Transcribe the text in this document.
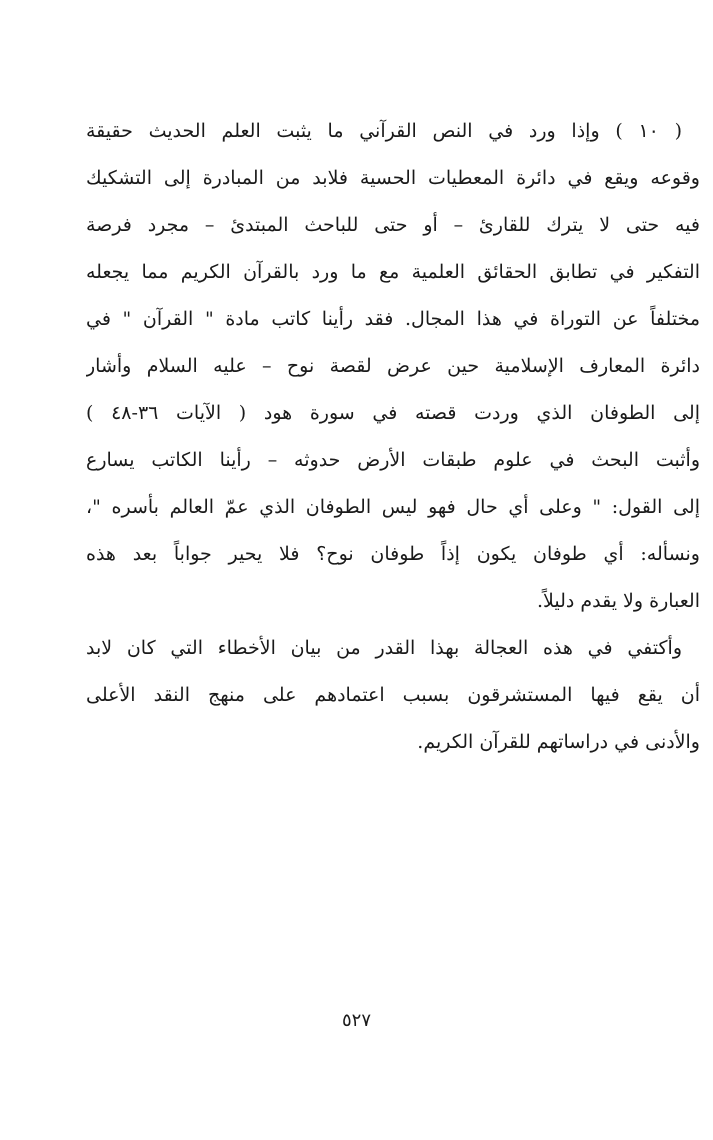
( ١٠ ) وإذا ورد في النص القرآني ما يثبت العلم الحديث حقيقة
وقوعه ويقع في دائرة المعطيات الحسية فلابد من المبادرة إلى التشكيك
فيه حتى لا يترك للقارئ – أو حتى للباحث المبتدئ – مجرد فرصة
التفكير في تطابق الحقائق العلمية مع ما ورد بالقرآن الكريم مما يجعله
مختلفاً عن التوراة في هذا المجال. فقد رأينا كاتب مادة " القرآن " في
دائرة المعارف الإسلامية حين عرض لقصة نوح – عليه السلام وأشار
إلى الطوفان الذي وردت قصته في سورة هود ( الآيات ٣٦-٤٨ )
وأثبت البحث في علوم طبقات الأرض حدوثه – رأينا الكاتب يسارع
إلى القول: " وعلى أي حال فهو ليس الطوفان الذي عمّ العالم بأسره "،
ونسأله: أي طوفان يكون إذاً طوفان نوح؟ فلا يحير جواباً بعد هذه
العبارة ولا يقدم دليلاً.
وأكتفي في هذه العجالة بهذا القدر من بيان الأخطاء التي كان لابد
أن يقع فيها المستشرقون بسبب اعتمادهم على منهج النقد الأعلى
والأدنى في دراساتهم للقرآن الكريم.
٥٢٧
